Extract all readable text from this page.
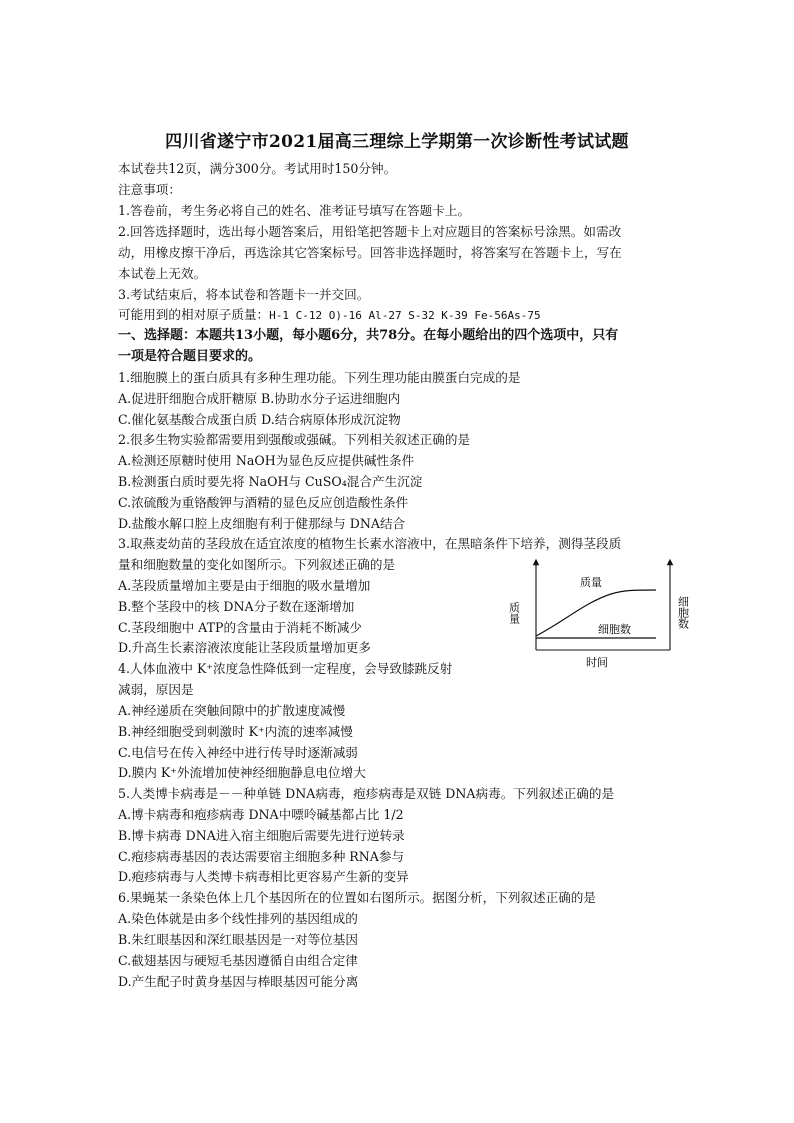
四川省遂宁市2021届高三理综上学期第一次诊断性考试试题
本试卷共12页，满分300分。考试用时150分钟。
注意事项：
1.答卷前，考生务必将自己的姓名、准考证号填写在答题卡上。
2.回答选择题时，选出每小题答案后，用铅笔把答题卡上对应题目的答案标号涂黑。如需改
动，用橡皮擦干净后，再选涂其它答案标号。回答非选择题时，将答案写在答题卡上，写在
本试卷上无效。
3.考试结束后，将本试卷和答题卡一并交回。
可能用到的相对原子质量：H-1 C-12 O)-16 Al-27 S-32 K-39 Fe-56As-75
一、选择题：本题共13小题，每小题6分，共78分。在每小题给出的四个选项中，只有
一项是符合题目要求的。
1.细胞膜上的蛋白质具有多种生理功能。下列生理功能由膜蛋白完成的是
A.促进肝细胞合成肝糖原 B.协助水分子运进细胞内
C.催化氨基酸合成蛋白质 D.结合病原体形成沉淀物
2.很多生物实验都需要用到强酸或强碱。下列相关叙述正确的是
A.检测还原糖时使用 NaOH为显色反应提供碱性条件
B.检测蛋白质时要先将 NaOH与 CuSO₄混合产生沉淀
C.浓硫酸为重铬酸钾与酒精的显色反应创造酸性条件
D.盐酸水解口腔上皮细胞有利于健那绿与 DNA结合
3.取燕麦幼苗的茎段放在适宜浓度的植物生长素水溶液中，在黑暗条件下培养，测得茎段质
量和细胞数量的变化如图所示。下列叙述正确的是
A.茎段质量增加主要是由于细胞的吸水量增加
B.整个茎段中的核 DNA分子数在逐渐增加
C.茎段细胞中 ATP的含量由于消耗不断减少
D.升高生长素溶液浓度能让茎段质量增加更多
4.人体血液中 K⁺浓度急性降低到一定程度，会导致膝跳反射
减弱，原因是
A.神经递质在突触间隙中的扩散速度减慢
B.神经细胞受到刺激时 K⁺内流的速率减慢
C.电信号在传入神经中进行传导时逐渐减弱
D.膜内 K⁺外流增加使神经细胞静息电位增大
5.人类博卡病毒是－－种单链 DNA病毒，疱疹病毒是双链 DNA病毒。下列叙述正确的是
A.博卡病毒和疱疹病毒 DNA中嘌呤碱基都占比 1/2
B.博卡病毒 DNA进入宿主细胞后需要先进行逆转录
C.疱疹病毒基因的表达需要宿主细胞多种 RNA参与
D.疱疹病毒与人类博卡病毒相比更容易产生新的变异
6.果蝇某一条染色体上几个基因所在的位置如右图所示。据图分析，下列叙述正确的是
A.染色体就是由多个线性排列的基因组成的
B.朱红眼基因和深红眼基因是一对等位基因
C.截翅基因与硬短毛基因遵循自由组合定律
D.产生配子时黄身基因与棒眼基因可能分离
质量
细胞数
时间
质量	细胞数
